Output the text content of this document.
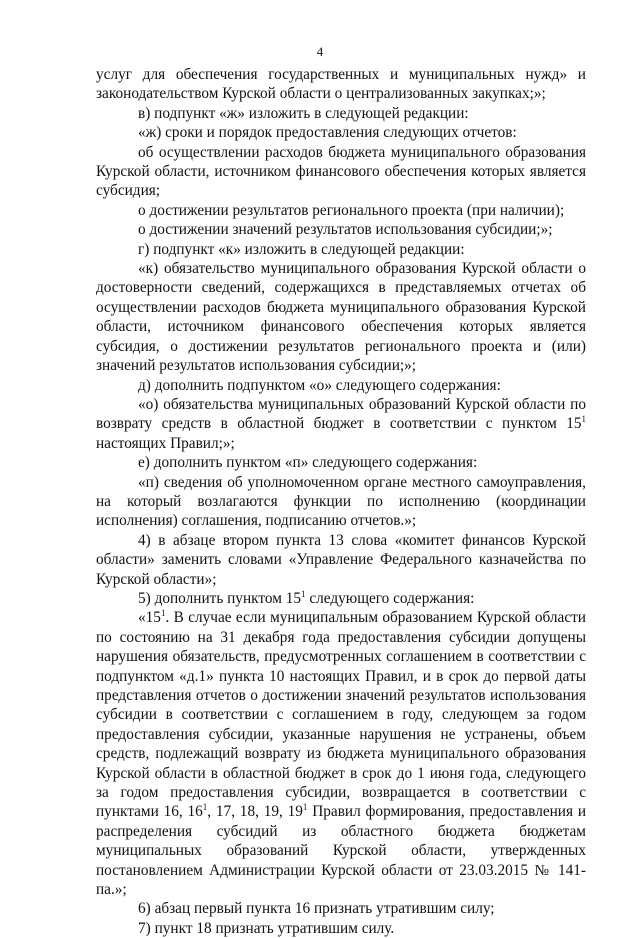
4

услуг для обеспечения государственных и муниципальных нужд» и законодательством Курской области о централизованных закупках;»;

в) подпункт «ж» изложить в следующей редакции:

«ж) сроки и порядок предоставления следующих отчетов:

об осуществлении расходов бюджета муниципального образования Курской области, источником финансового обеспечения которых является субсидия;

о достижении результатов регионального проекта (при наличии);

о достижении значений результатов использования субсидии;»;

г) подпункт «к» изложить в следующей редакции:

«к) обязательство муниципального образования Курской области о достоверности сведений, содержащихся в представляемых отчетах об осуществлении расходов бюджета муниципального образования Курской области, источником финансового обеспечения которых является субсидия, о достижении результатов регионального проекта и (или) значений результатов использования субсидии;»;

д) дополнить подпунктом «о» следующего содержания:

«о) обязательства муниципальных образований Курской области по возврату средств в областной бюджет в соответствии с пунктом $15^1$ настоящих Правил;»;

е) дополнить пунктом «п» следующего содержания:

«п) сведения об уполномоченном органе местного самоуправления, на который возлагаются функции по исполнению (координации исполнения) соглашения, подписанию отчетов.»;

4) в абзаце втором пункта 13 слова «комитет финансов Курской области» заменить словами «Управление Федерального казначейства по Курской области»;

5) дополнить пунктом $15^1$ следующего содержания:

«$15^1$. В случае если муниципальным образованием Курской области по состоянию на 31 декабря года предоставления субсидии допущены нарушения обязательств, предусмотренных соглашением в соответствии с подпунктом «д.1» пункта 10 настоящих Правил, и в срок до первой даты представления отчетов о достижении значений результатов использования субсидии в соответствии с соглашением в году, следующем за годом предоставления субсидии, указанные нарушения не устранены, объем средств, подлежащий возврату из бюджета муниципального образования Курской области в областной бюджет в срок до 1 июня года, следующего за годом предоставления субсидии, возвращается в соответствии с пунктами 16, $16^1$, 17, 18, 19, $19^1$ Правил формирования, предоставления и распределения субсидий из областного бюджета бюджетам муниципальных образований Курской области, утвержденных постановлением Администрации Курской области от 23.03.2015 № 141-па.»;

6) абзац первый пункта 16 признать утратившим силу;

7) пункт 18 признать утратившим силу.
